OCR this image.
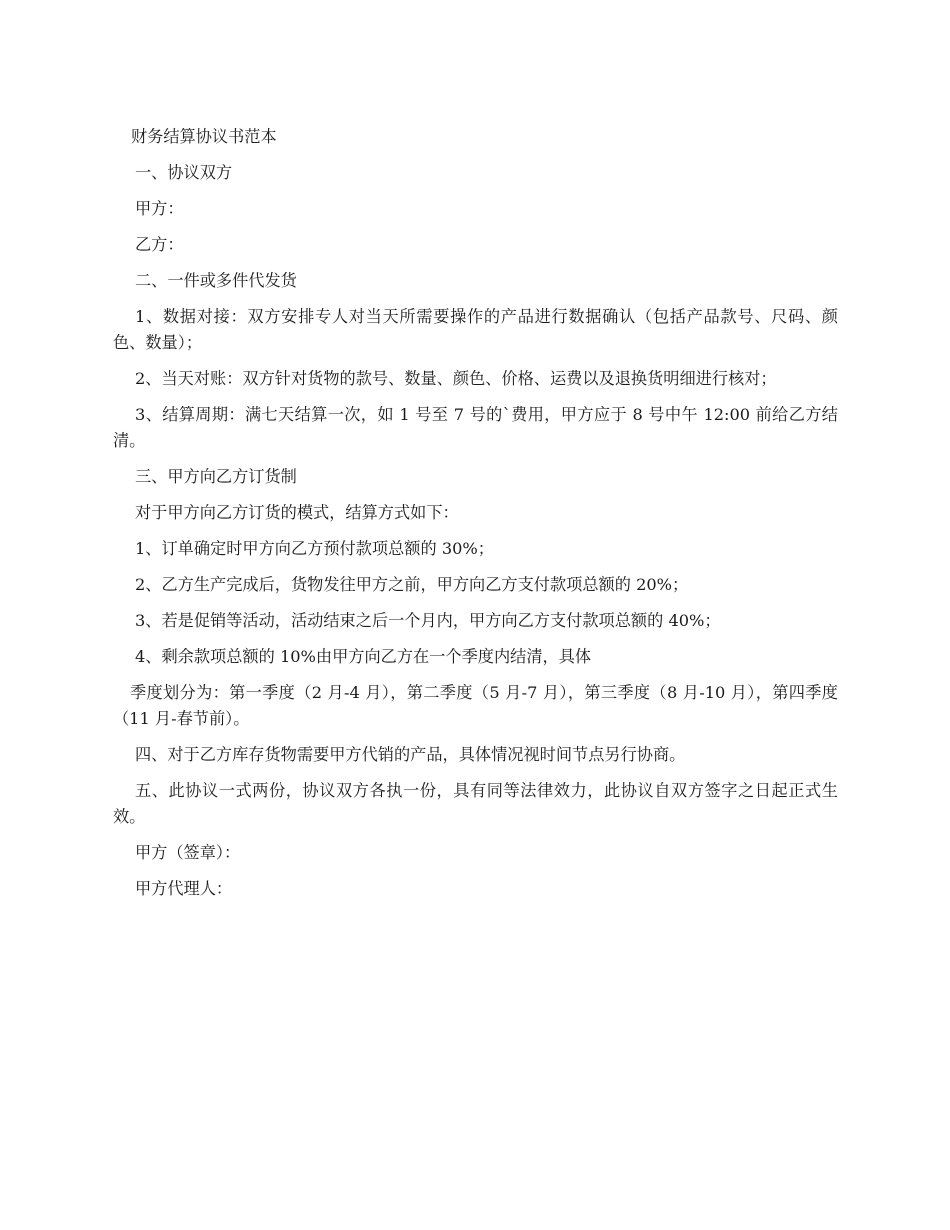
财务结算协议书范本

一、协议双方

甲方：

乙方：

二、一件或多件代发货

1、数据对接：双方安排专人对当天所需要操作的产品进行数据确认（包括产品款号、尺码、颜色、数量）；

2、当天对账：双方针对货物的款号、数量、颜色、价格、运费以及退换货明细进行核对；

3、结算周期：满七天结算一次，如 1 号至 7 号的`费用，甲方应于 8 号中午 12:00 前给乙方结清。

三、甲方向乙方订货制

对于甲方向乙方订货的模式，结算方式如下：

1、订单确定时甲方向乙方预付款项总额的 30%；

2、乙方生产完成后，货物发往甲方之前，甲方向乙方支付款项总额的 20%；

3、若是促销等活动，活动结束之后一个月内，甲方向乙方支付款项总额的 40%；

4、剩余款项总额的 10%由甲方向乙方在一个季度内结清，具体

季度划分为：第一季度（2 月-4 月），第二季度（5 月-7 月），第三季度（8 月-10 月），第四季度（11 月-春节前）。

四、对于乙方库存货物需要甲方代销的产品，具体情况视时间节点另行协商。

五、此协议一式两份，协议双方各执一份，具有同等法律效力，此协议自双方签字之日起正式生效。

甲方（签章）：

甲方代理人：
